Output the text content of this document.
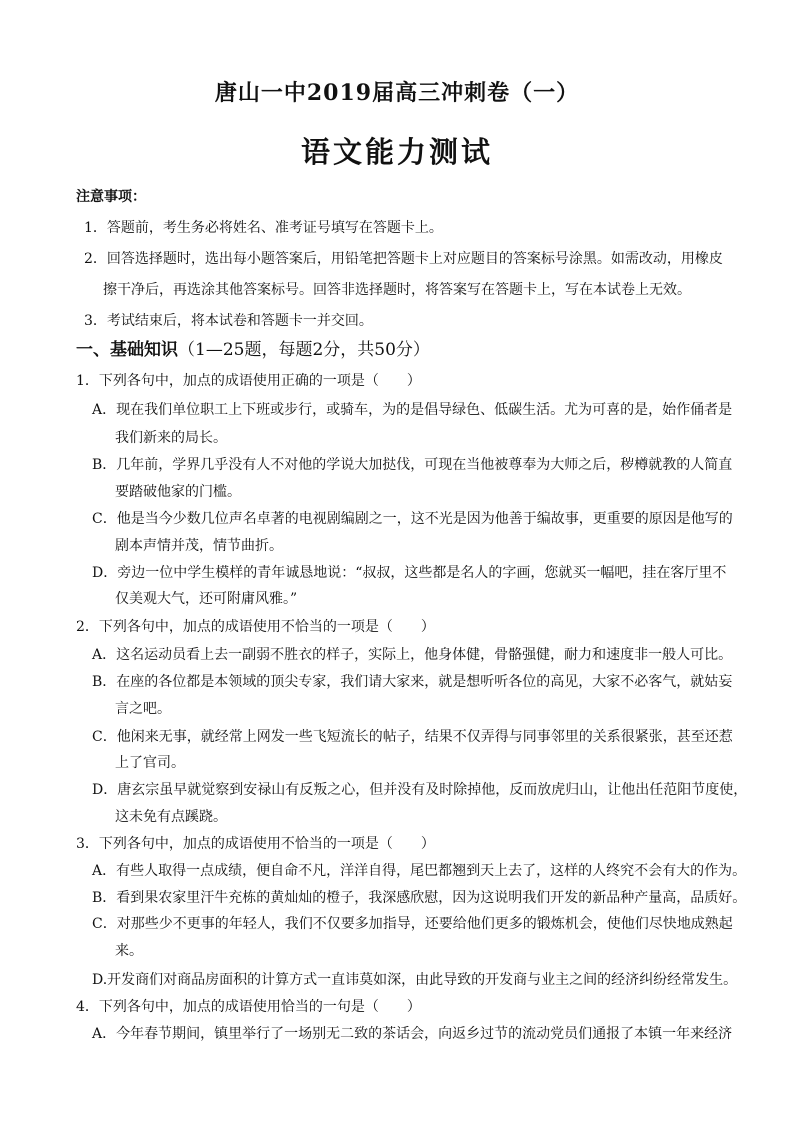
唐山一中2019届高三冲刺卷（一）
语文能力测试
注意事项：
1．答题前，考生务必将姓名、准考证号填写在答题卡上。
2．回答选择题时，选出每小题答案后，用铅笔把答题卡上对应题目的答案标号涂黑。如需改动，用橡皮
擦干净后，再选涂其他答案标号。回答非选择题时，将答案写在答题卡上，写在本试卷上无效。
3．考试结束后，将本试卷和答题卡一并交回。
一、基础知识（1—25题，每题2分，共50分）
1．下列各句中，加点的成语使用正确的一项是（　　）
A．现在我们单位职工上下班或步行，或骑车，为的是倡导绿色、低碳生活。尤为可喜的是，始作俑者是
我们新来的局长。
B．几年前，学界几乎没有人不对他的学说大加挞伐，可现在当他被尊奉为大师之后，秽樽就教的人简直
要踏破他家的门槛。
C．他是当今少数几位声名卓著的电视剧编剧之一，这不光是因为他善于编故事，更重要的原因是他写的
剧本声情并茂，情节曲折。
D．旁边一位中学生模样的青年诚恳地说：“叔叔，这些都是名人的字画，您就买一幅吧，挂在客厅里不
仅美观大气，还可附庸风雅。”
2．下列各句中，加点的成语使用不恰当的一项是（　　）
A．这名运动员看上去一副弱不胜衣的样子，实际上，他身体健，骨骼强健，耐力和速度非一般人可比。
B．在座的各位都是本领域的顶尖专家，我们请大家来，就是想听听各位的高见，大家不必客气，就姑妄
言之吧。
C．他闲来无事，就经常上网发一些飞短流长的帖子，结果不仅弄得与同事邻里的关系很紧张，甚至还惹
上了官司。
D．唐玄宗虽早就觉察到安禄山有反叛之心，但并没有及时除掉他，反而放虎归山，让他出任范阳节度使，
这未免有点蹊跷。
3．下列各句中，加点的成语使用不恰当的一项是（　　）
A．有些人取得一点成绩，便自命不凡，洋洋自得，尾巴都翘到天上去了，这样的人终究不会有大的作为。
B．看到果农家里汗牛充栋的黄灿灿的橙子，我深感欣慰，因为这说明我们开发的新品种产量高，品质好。
C．对那些少不更事的年轻人，我们不仅要多加指导，还要给他们更多的锻炼机会，使他们尽快地成熟起
来。
D.开发商们对商品房面积的计算方式一直讳莫如深，由此导致的开发商与业主之间的经济纠纷经常发生。
4．下列各句中，加点的成语使用恰当的一句是（　　）
A．今年春节期间，镇里举行了一场别无二致的茶话会，向返乡过节的流动党员们通报了本镇一年来经济
